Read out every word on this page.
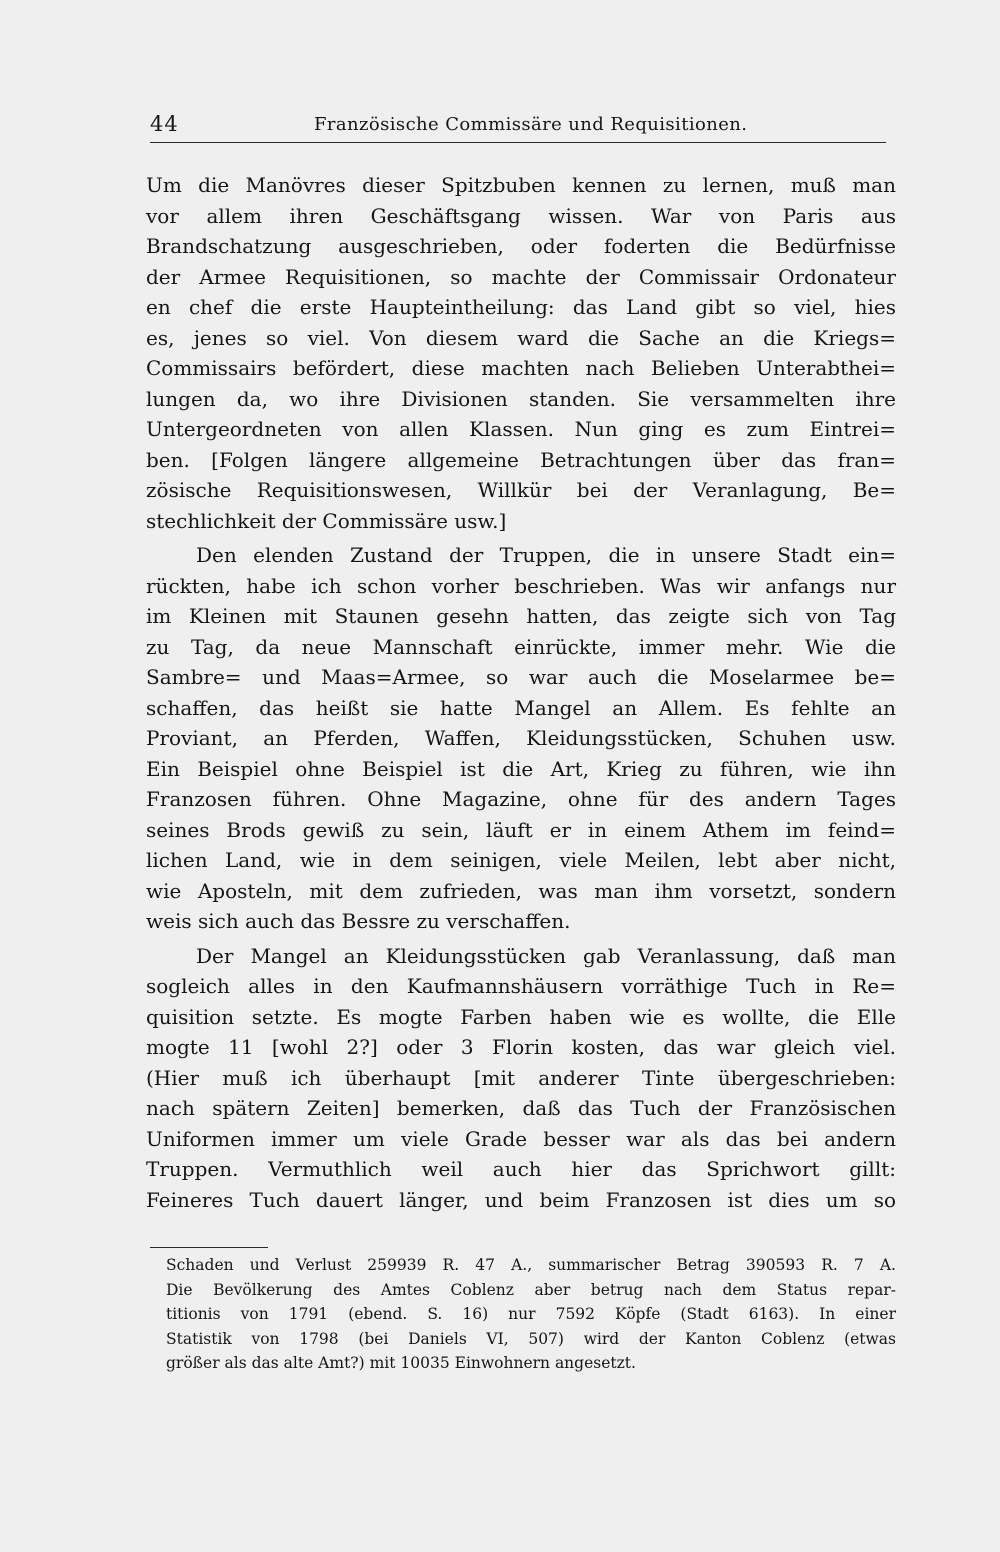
44	Französische Commissäre und Requisitionen.
Um die Manövres dieser Spitzbuben kennen zu lernen, muß man
vor allem ihren Geschäftsgang wissen. War von Paris aus
Brandschatzung ausgeschrieben, oder foderten die Bedürfnisse
der Armee Requisitionen, so machte der Commissair Ordonateur
en chef die erste Haupteintheilung: das Land gibt so viel, hies
es, jenes so viel. Von diesem ward die Sache an die Kriegs=
Commissairs befördert, diese machten nach Belieben Unterabthei=
lungen da, wo ihre Divisionen standen. Sie versammelten ihre
Untergeordneten von allen Klassen. Nun ging es zum Eintrei=
ben. [Folgen längere allgemeine Betrachtungen über das fran=
zösische Requisitionswesen, Willkür bei der Veranlagung, Be=
stechlichkeit der Commissäre usw.]
Den elenden Zustand der Truppen, die in unsere Stadt ein=
rückten, habe ich schon vorher beschrieben. Was wir anfangs nur
im Kleinen mit Staunen gesehn hatten, das zeigte sich von Tag
zu Tag, da neue Mannschaft einrückte, immer mehr. Wie die
Sambre= und Maas=Armee, so war auch die Moselarmee be=
schaffen, das heißt sie hatte Mangel an Allem. Es fehlte an
Proviant, an Pferden, Waffen, Kleidungsstücken, Schuhen usw.
Ein Beispiel ohne Beispiel ist die Art, Krieg zu führen, wie ihn
Franzosen führen. Ohne Magazine, ohne für des andern Tages
seines Brods gewiß zu sein, läuft er in einem Athem im feind=
lichen Land, wie in dem seinigen, viele Meilen, lebt aber nicht,
wie Aposteln, mit dem zufrieden, was man ihm vorsetzt, sondern
weis sich auch das Bessre zu verschaffen.
Der Mangel an Kleidungsstücken gab Veranlassung, daß man
sogleich alles in den Kaufmannshäusern vorräthige Tuch in Re=
quisition setzte. Es mogte Farben haben wie es wollte, die Elle
mogte 11 [wohl 2?] oder 3 Florin kosten, das war gleich viel.
(Hier muß ich überhaupt [mit anderer Tinte übergeschrieben:
nach spätern Zeiten] bemerken, daß das Tuch der Französischen
Uniformen immer um viele Grade besser war als das bei andern
Truppen. Vermuthlich weil auch hier das Sprichwort gillt:
Feineres Tuch dauert länger, und beim Franzosen ist dies um so
Schaden und Verlust 259939 R. 47 A., summarischer Betrag 390593 R. 7 A.
Die Bevölkerung des Amtes Coblenz aber betrug nach dem Status repar-
titionis von 1791 (ebend. S. 16) nur 7592 Köpfe (Stadt 6163). In einer
Statistik von 1798 (bei Daniels VI, 507) wird der Kanton Coblenz (etwas
größer als das alte Amt?) mit 10035 Einwohnern angesetzt.
